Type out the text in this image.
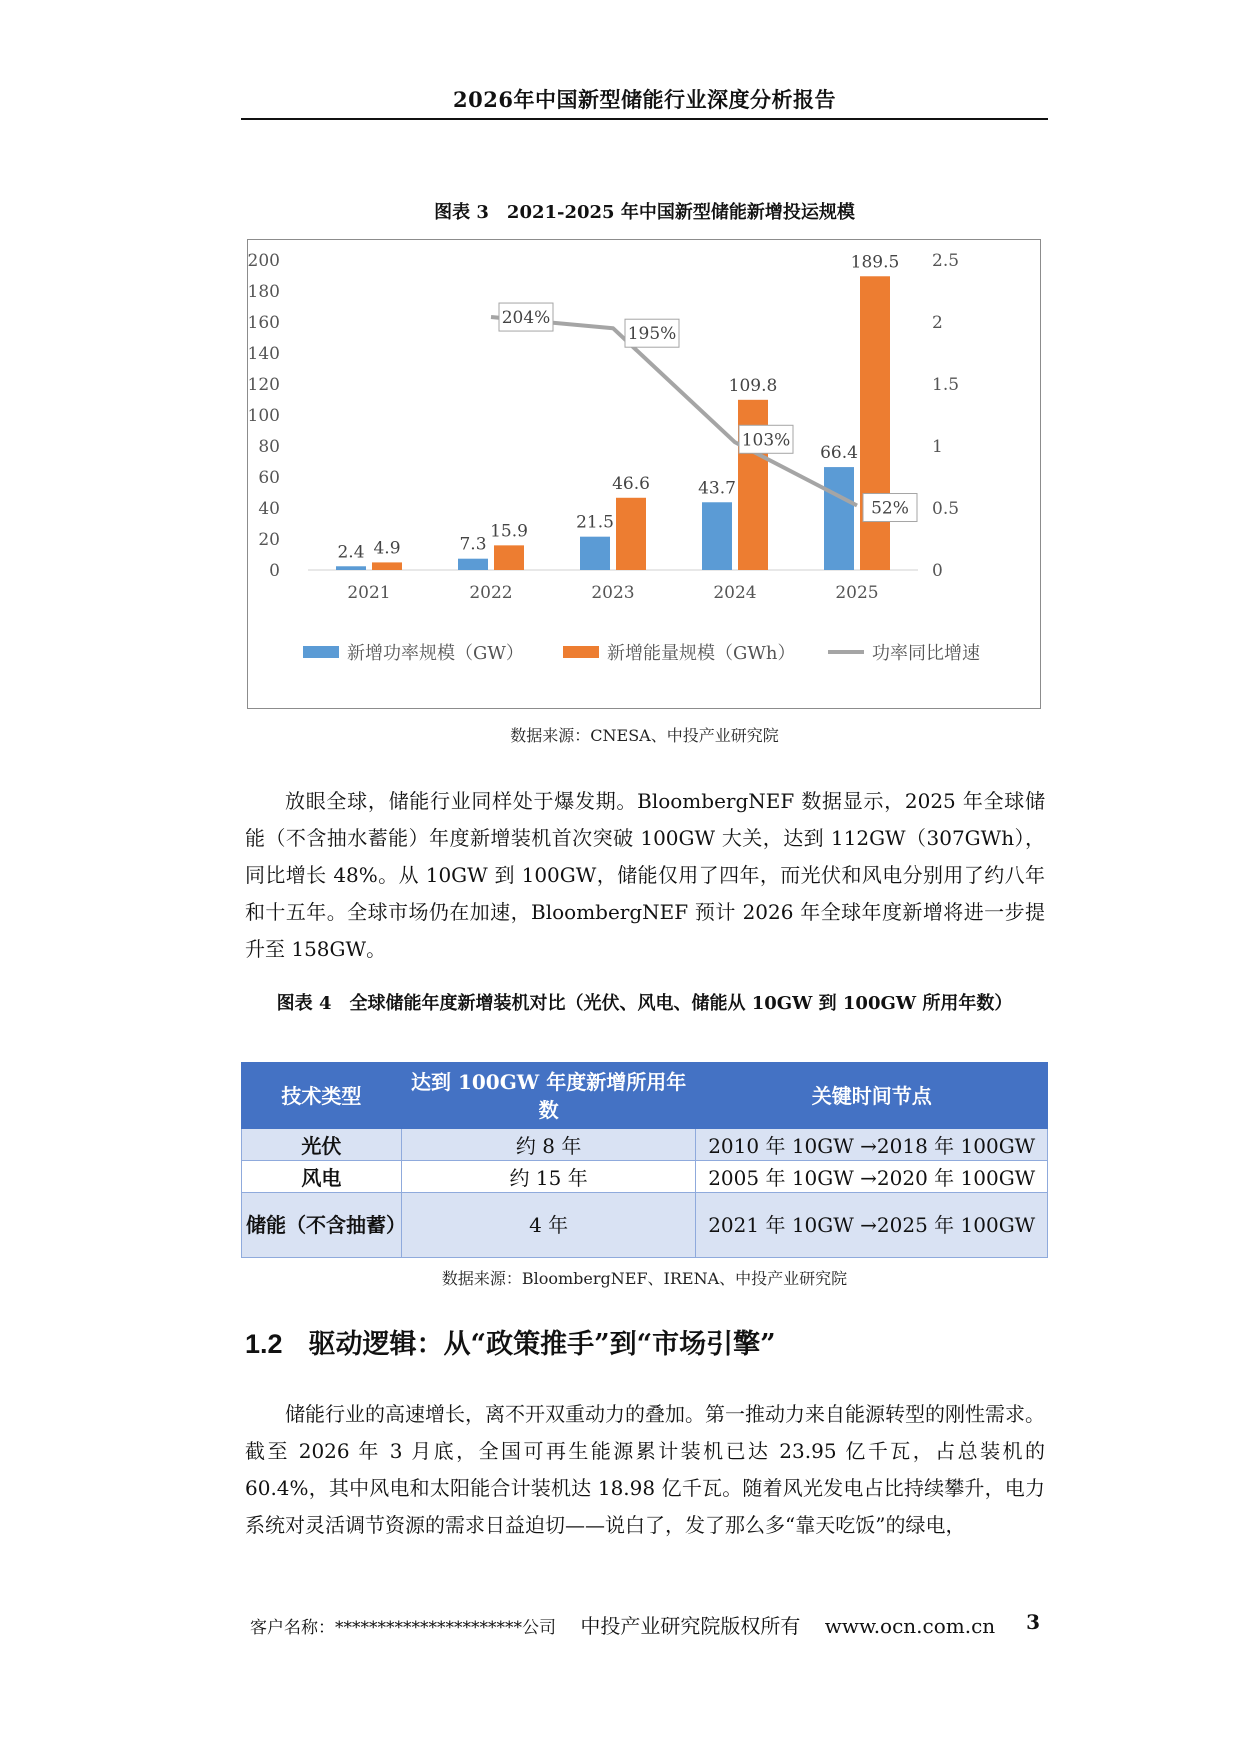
2026年中国新型储能行业深度分析报告
图表 3　2021-2025 年中国新型储能新增投运规模
0
20
40
60
80
100
120
140
160
180
200
0
0.5
1
1.5
2
2.5
2021	2022	2023	2024	2025
2.4	7.3
21.5
43.7
66.4
4.9
15.9
46.6
109.8
189.5
204%
195%
103%
52%
新增功率规模（GW）	新增能量规模（GWh）	功率同比增速
数据来源：CNESA、中投产业研究院

放眼全球，储能行业同样处于爆发期。BloombergNEF 数据显示，2025 年全球储能（不含抽水蓄能）年度新增装机首次突破 100GW 大关，达到 112GW（307GWh），同比增长 48%。从 10GW 到 100GW，储能仅用了四年，而光伏和风电分别用了约八年和十五年。全球市场仍在加速，BloombergNEF 预计 2026 年全球年度新增将进一步提升至 158GW。

图表 4　全球储能年度新增装机对比（光伏、风电、储能从 10GW 到 100GW 所用年数）
技术类型	达到 100GW 年度新增所用年数	关键时间节点
光伏	约 8 年	2010 年 10GW →2018 年 100GW
风电	约 15 年	2005 年 10GW →2020 年 100GW
储能（不含抽蓄）	4 年	2021 年 10GW →2025 年 100GW
数据来源：BloombergNEF、IRENA、中投产业研究院
1.2 驱动逻辑：从“政策推手”到“市场引擎”

储能行业的高速增长，离不开双重动力的叠加。第一推动力来自能源转型的刚性需求。截至 2026 年 3 月底，全国可再生能源累计装机已达 23.95 亿千瓦，占总装机的 60.4%，其中风电和太阳能合计装机达 18.98 亿千瓦。随着风光发电占比持续攀升，电力系统对灵活调节资源的需求日益迫切——说白了，发了那么多“靠天吃饭”的绿电，

客户名称：**********************公司 中投产业研究院版权所有 www.ocn.com.cn 3
